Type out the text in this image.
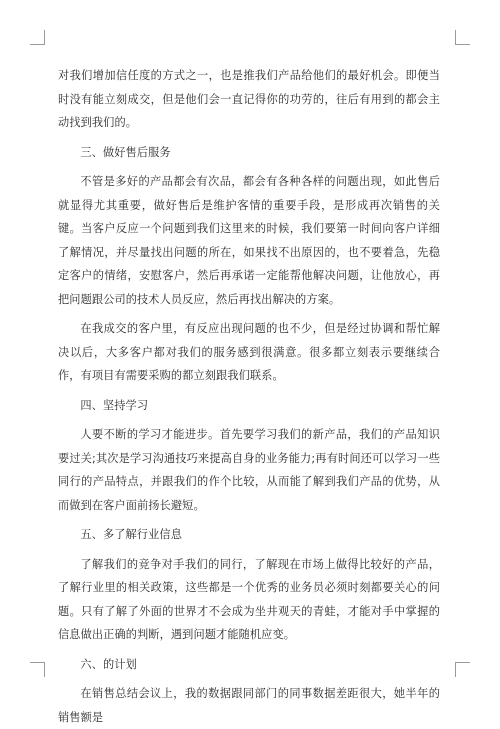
对我们增加信任度的方式之一，也是推我们产品给他们的最好机会。即便当时没有能立刻成交，但是他们会一直记得你的功劳的，往后有用到的都会主动找到我们的。

三、做好售后服务

不管是多好的产品都会有次品，都会有各种各样的问题出现，如此售后就显得尤其重要，做好售后是维护客情的重要手段，是形成再次销售的关键。当客户反应一个问题到我们这里来的时候，我们要第一时间向客户详细了解情况，并尽量找出问题的所在，如果找不出原因的，也不要着急，先稳定客户的情绪，安慰客户，然后再承诺一定能帮他解决问题，让他放心，再把问题跟公司的技术人员反应，然后再找出解决的方案。

在我成交的客户里，有反应出现问题的也不少，但是经过协调和帮忙解决以后，大多客户都对我们的服务感到很满意。很多都立刻表示要继续合作，有项目有需要采购的都立刻跟我们联系。

四、坚持学习

人要不断的学习才能进步。首先要学习我们的新产品，我们的产品知识要过关;其次是学习沟通技巧来提高自身的业务能力;再有时间还可以学习一些同行的产品特点，并跟我们的作个比较，从而能了解到我们产品的优势，从而做到在客户面前扬长避短。

五、多了解行业信息

了解我们的竞争对手我们的同行，了解现在市场上做得比较好的产品，了解行业里的相关政策，这些都是一个优秀的业务员必须时刻都要关心的问题。只有了解了外面的世界才不会成为坐井观天的青蛙，才能对手中掌握的信息做出正确的判断，遇到问题才能随机应变。

六、的计划

在销售总结会议上，我的数据跟同部门的同事数据差距很大，她半年的销售额是
